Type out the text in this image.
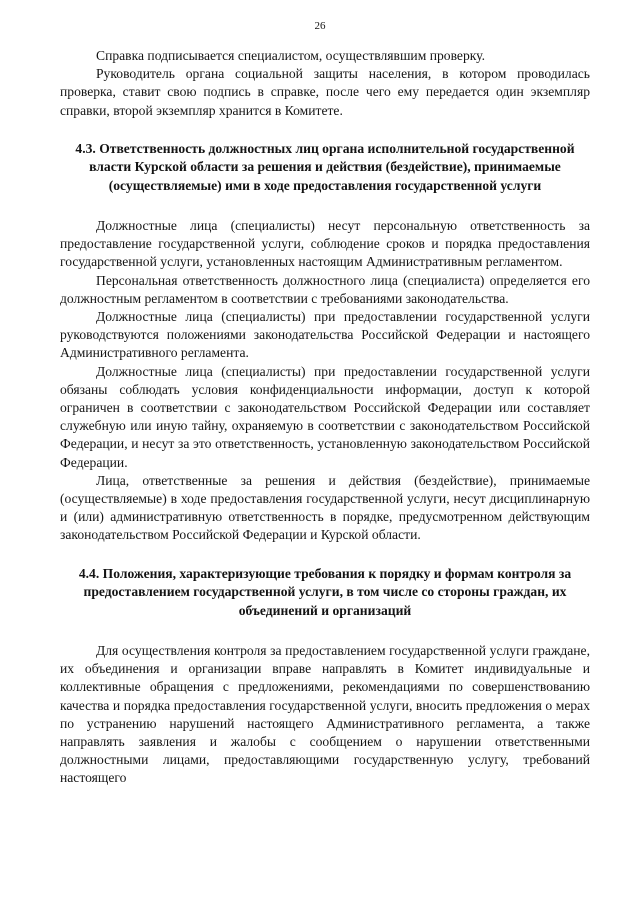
26

Справка подписывается специалистом, осуществлявшим проверку.

Руководитель органа социальной защиты населения, в котором проводилась проверка, ставит свою подпись в справке, после чего ему передается один экземпляр справки, второй экземпляр хранится в Комитете.

4.3. Ответственность должностных лиц органа исполнительной государственной власти Курской области за решения и действия (бездействие), принимаемые (осуществляемые) ими в ходе предоставления государственной услуги

Должностные лица (специалисты) несут персональную ответственность за предоставление государственной услуги, соблюдение сроков и порядка предоставления государственной услуги, установленных настоящим Административным регламентом.

Персональная ответственность должностного лица (специалиста) определяется его должностным регламентом в соответствии с требованиями законодательства.

Должностные лица (специалисты) при предоставлении государственной услуги руководствуются положениями законодательства Российской Федерации и настоящего Административного регламента.

Должностные лица (специалисты) при предоставлении государственной услуги обязаны соблюдать условия конфиденциальности информации, доступ к которой ограничен в соответствии с законодательством Российской Федерации или составляет служебную или иную тайну, охраняемую в соответствии с законодательством Российской Федерации, и несут за это ответственность, установленную законодательством Российской Федерации.

Лица, ответственные за решения и действия (бездействие), принимаемые (осуществляемые) в ходе предоставления государственной услуги, несут дисциплинарную и (или) административную ответственность в порядке, предусмотренном действующим законодательством Российской Федерации и Курской области.

4.4. Положения, характеризующие требования к порядку и формам контроля за предоставлением государственной услуги, в том числе со стороны граждан, их объединений и организаций

Для осуществления контроля за предоставлением государственной услуги граждане, их объединения и организации вправе направлять в Комитет индивидуальные и коллективные обращения с предложениями, рекомендациями по совершенствованию качества и порядка предоставления государственной услуги, вносить предложения о мерах по устранению нарушений настоящего Административного регламента, а также направлять заявления и жалобы с сообщением о нарушении ответственными должностными лицами, предоставляющими государственную услугу, требований настоящего
